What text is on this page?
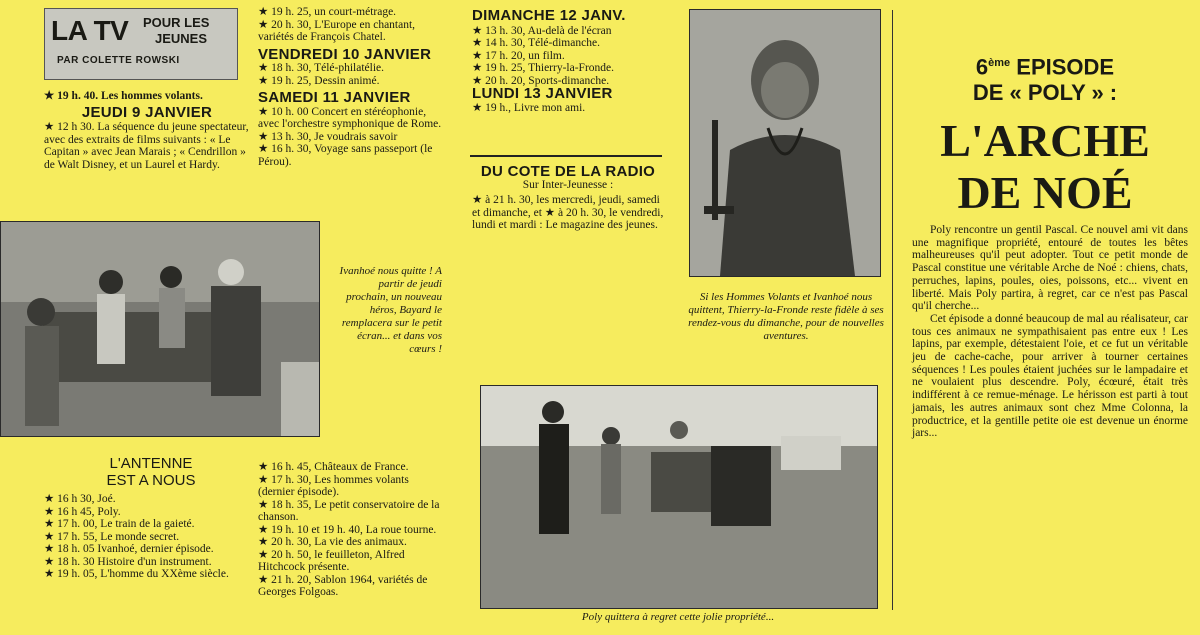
LA TV POUR LES
JEUNES
PAR COLETTE ROWSKI

★ 19 h. 40. Les hommes volants.

JEUDI 9 JANVIER

★ 12 h 30. La séquence du jeune spectateur, avec des extraits de films suivants : « Le Capitan » avec Jean Marais ; « Cendrillon » de Walt Disney, et un Laurel et Hardy.

★ 19 h. 25, un court-métrage.
★ 20 h. 30, L'Europe en chantant, variétés de François Chatel.
VENDREDI 10 JANVIER
★ 18 h. 30, Télé-philatélie.
★ 19 h. 25, Dessin animé.
SAMEDI 11 JANVIER
★ 10 h. 00 Concert en stéréophonie, avec l'orchestre symphonique de Rome.
★ 13 h. 30, Je voudrais savoir
★ 16 h. 30, Voyage sans passeport (le Pérou).
DIMANCHE 12 JANV.
★ 13 h. 30, Au-delà de l'écran
★ 14 h. 30, Télé-dimanche.
★ 17 h. 20, un film.
★ 19 h. 25, Thierry-la-Fronde.
★ 20 h. 20, Sports-dimanche.
LUNDI 13 JANVIER
★ 19 h., Livre mon ami.
DU COTE DE LA RADIO
Sur Inter-Jeunesse :

★ à 21 h. 30, les mercredi, jeudi, samedi et dimanche, et ★ à 20 h. 30, le vendredi, lundi et mardi : Le magazine des jeunes.

Ivanhoé nous quitte ! A partir de jeudi prochain, un nouveau héros, Bayard le remplacera sur le petit écran... et dans vos cœurs !
Si les Hommes Volants et Ivanhoé nous quittent, Thierry-la-Fronde reste fidèle à ses rendez-vous du dimanche, pour de nouvelles aventures.
Poly quittera à regret cette jolie propriété...
L'ANTENNE
EST A NOUS
★ 16 h 30, Joé.
★ 16 h 45, Poly.
★ 17 h. 00, Le train de la gaieté.
★ 17 h. 55, Le monde secret.
★ 18 h. 05 Ivanhoé, dernier épisode.
★ 18 h. 30 Histoire d'un instrument.
★ 19 h. 05, L'homme du XXème siècle.
★ 16 h. 45, Châteaux de France.
★ 17 h. 30, Les hommes volants (dernier épisode).
★ 18 h. 35, Le petit conservatoire de la chanson.
★ 19 h. 10 et 19 h. 40, La roue tourne.
★ 20 h. 30, La vie des animaux.
★ 20 h. 50, le feuilleton, Alfred Hitchcock présente.
★ 21 h. 20, Sablon 1964, variétés de Georges Folgoas.
6ème EPISODE
DE « POLY » :
L'ARCHE
DE NOÉ

Poly rencontre un gentil Pascal. Ce nouvel ami vit dans une magnifique propriété, entouré de toutes les bêtes malheureuses qu'il peut adopter. Tout ce petit monde de Pascal constitue une véritable Arche de Noé : chiens, chats, perruches, lapins, poules, oies, poissons, etc... vivent en liberté. Mais Poly partira, à regret, car ce n'est pas Pascal qu'il cherche...

Cet épisode a donné beaucoup de mal au réalisateur, car tous ces animaux ne sympathisaient pas entre eux ! Les lapins, par exemple, détestaient l'oie, et ce fut un véritable jeu de cache-cache, pour arriver à tourner certaines séquences ! Les poules étaient juchées sur le lampadaire et ne voulaient plus descendre. Poly, écœuré, était très indifférent à ce remue-ménage. Le hérisson est parti à tout jamais, les autres animaux sont chez Mme Colonna, la productrice, et la gentille petite oie est devenue un énorme jars...
